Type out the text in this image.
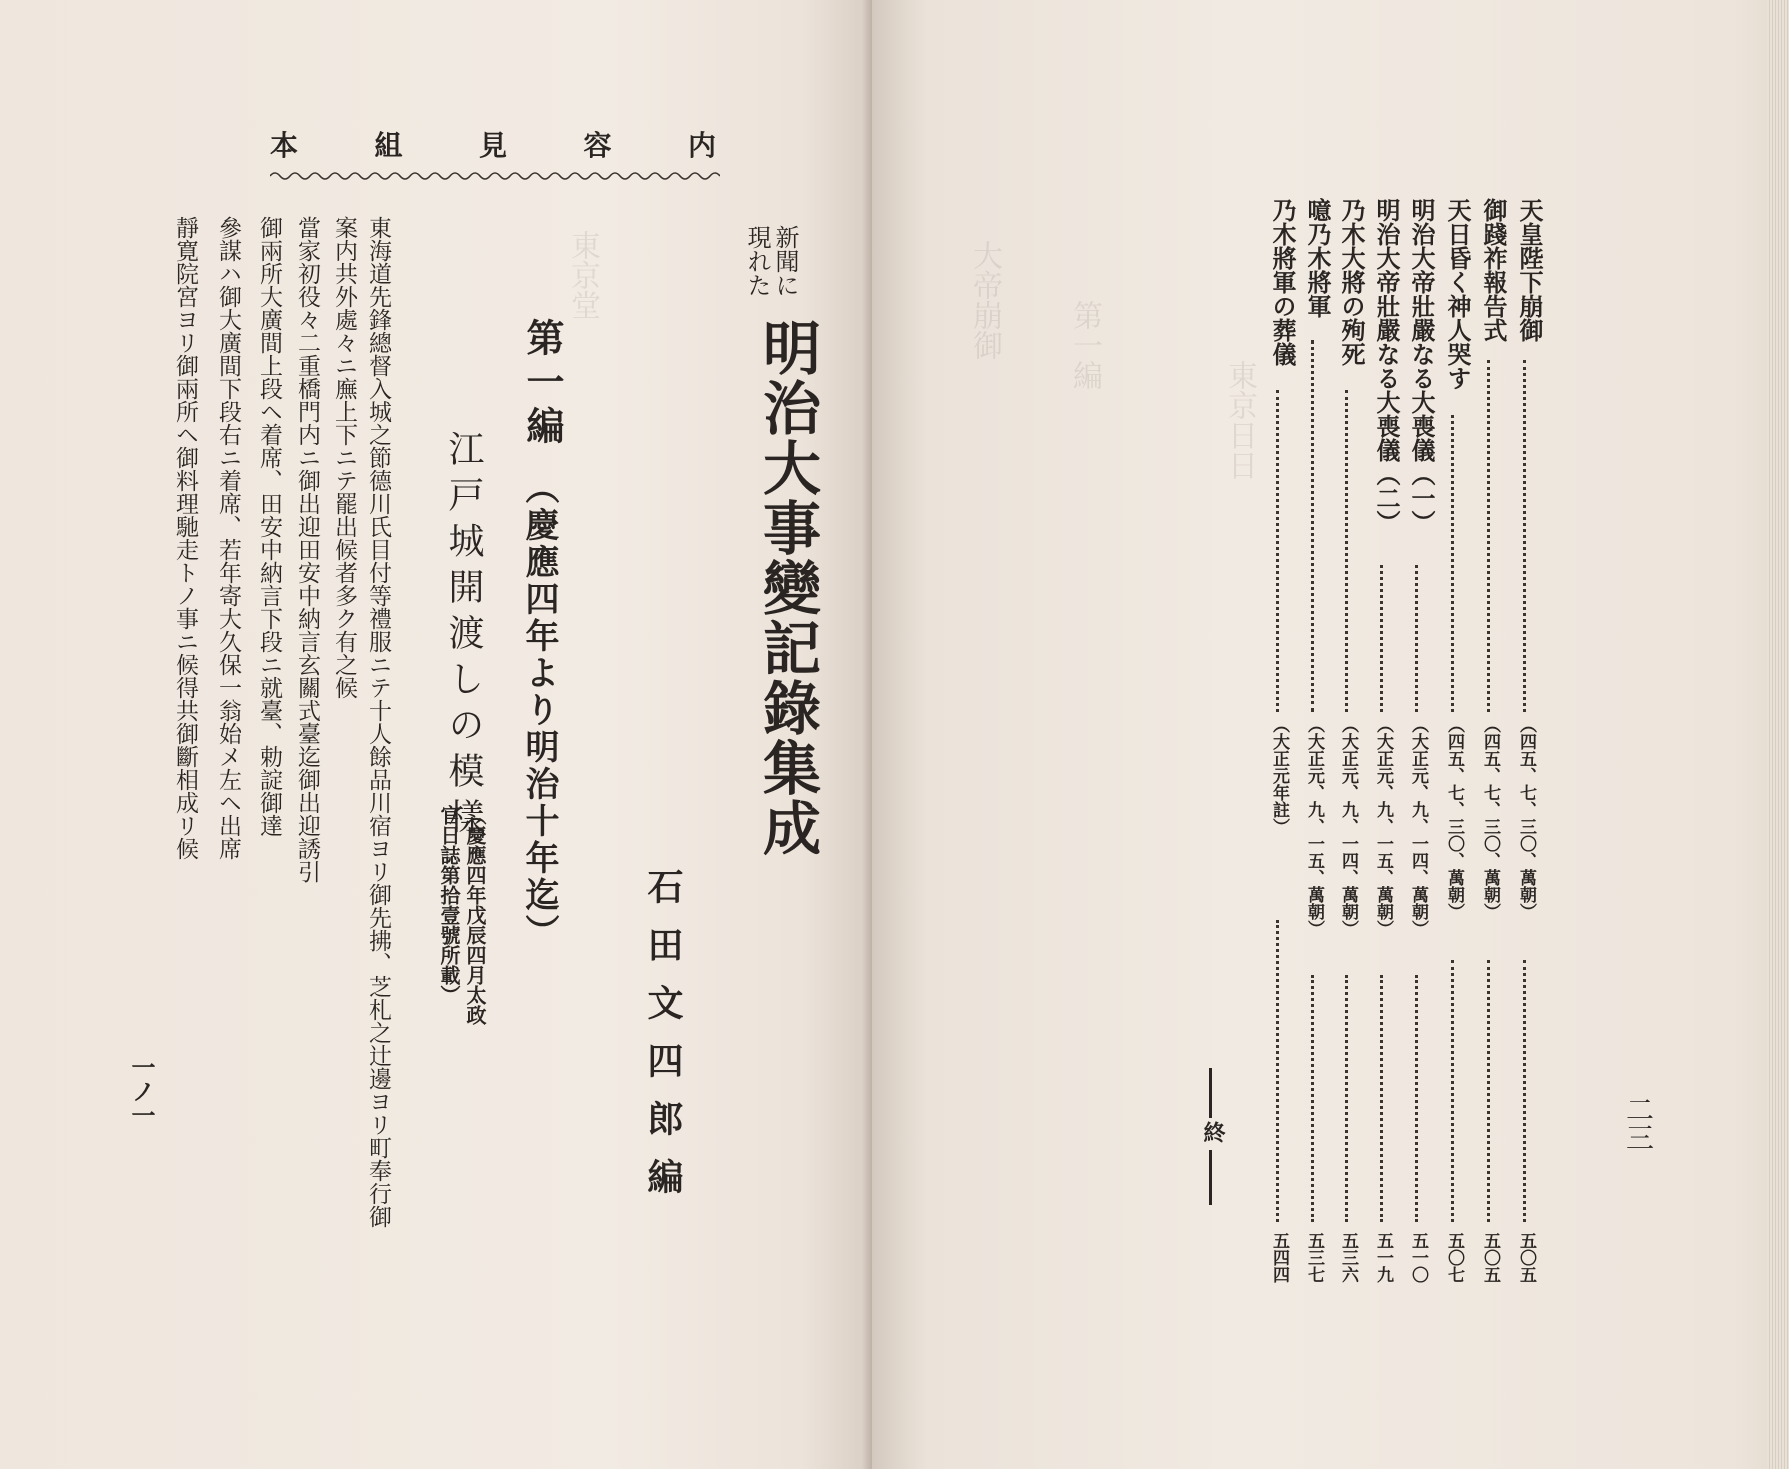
東京堂
内
容
見
組
本
新聞に
現れた
明治大事變記錄集成
第一編
（慶應四年より明治十年迄）
石田文四郎編
江戸城開渡しの模樣
（慶應四年戊辰四月太政
官日誌第拾壹號所載）
東海道先鋒總督入城之節德川氏目付等禮服ニテ十人餘品川宿ヨリ御先拂、芝札之辻邊ヨリ町奉行御
案内共外處々ニ廡上下ニテ罷出候者多ク有之候
當家初役々二重橋門内ニ御出迎田安中納言玄關式臺迄御出迎誘引
御兩所大廣間上段ヘ着席、田安中納言下段ニ就臺、勅諚御達
參謀ハ御大廣間下段右ニ着席、若年寄大久保一翁始メ左ヘ出席
靜寛院宮ヨリ御兩所ヘ御料理馳走トノ事ニ候得共御斷相成リ候
一ノ一
大帝崩御 第一編
東京日日
天皇陛下崩御
御踐祚報告式
天日昏く神人哭す
明治大帝壯嚴なる大喪儀（一）
明治大帝壯嚴なる大喪儀（二）
乃木大將の殉死
噫乃木將軍
乃木將軍の葬儀
（四五、七、三〇、萬朝）
（四五、七、三〇、萬朝）
（四五、七、三〇、萬朝）
（大正元、九、一四、萬朝）
（大正元、九、一五、萬朝）
（大正元、九、一四、萬朝）
（大正元、九、一五、萬朝）
（大正元年註）
五〇五
五〇五
五〇七
五一〇
五一九
五三六
五三七
五四四
終	二三
